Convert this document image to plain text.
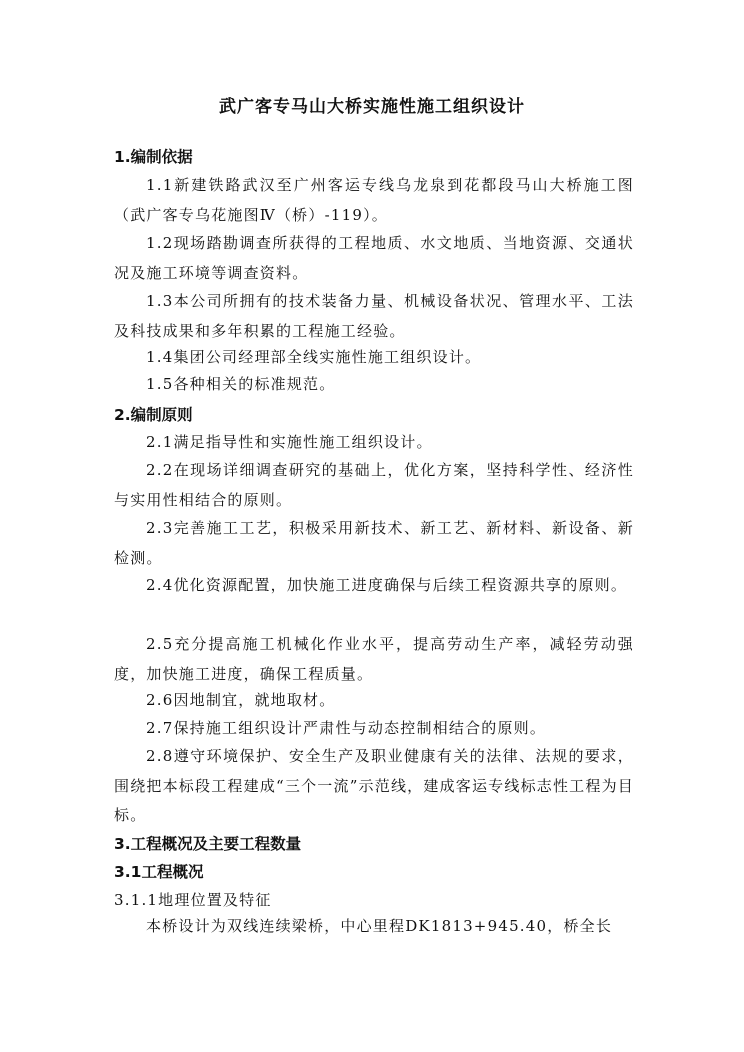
武广客专马山大桥实施性施工组织设计
1.编制依据
1.1新建铁路武汉至广州客运专线乌龙泉到花都段马山大桥施工图（武广客专乌花施图Ⅳ（桥）-119）。
1.2现场踏勘调查所获得的工程地质、水文地质、当地资源、交通状况及施工环境等调查资料。
1.3本公司所拥有的技术装备力量、机械设备状况、管理水平、工法及科技成果和多年积累的工程施工经验。
1.4集团公司经理部全线实施性施工组织设计。
1.5各种相关的标准规范。
2.编制原则
2.1满足指导性和实施性施工组织设计。
2.2在现场详细调查研究的基础上，优化方案，坚持科学性、经济性与实用性相结合的原则。
2.3完善施工工艺，积极采用新技术、新工艺、新材料、新设备、新检测。
2.4优化资源配置，加快施工进度确保与后续工程资源共享的原则。
2.5充分提高施工机械化作业水平，提高劳动生产率，减轻劳动强度，加快施工进度，确保工程质量。
2.6因地制宜，就地取材。
2.7保持施工组织设计严肃性与动态控制相结合的原则。
2.8遵守环境保护、安全生产及职业健康有关的法律、法规的要求，围绕把本标段工程建成“三个一流”示范线，建成客运专线标志性工程为目标。
3.工程概况及主要工程数量
3.1工程概况
3.1.1地理位置及特征
本桥设计为双线连续梁桥，中心里程DK1813+945.40，桥全长
